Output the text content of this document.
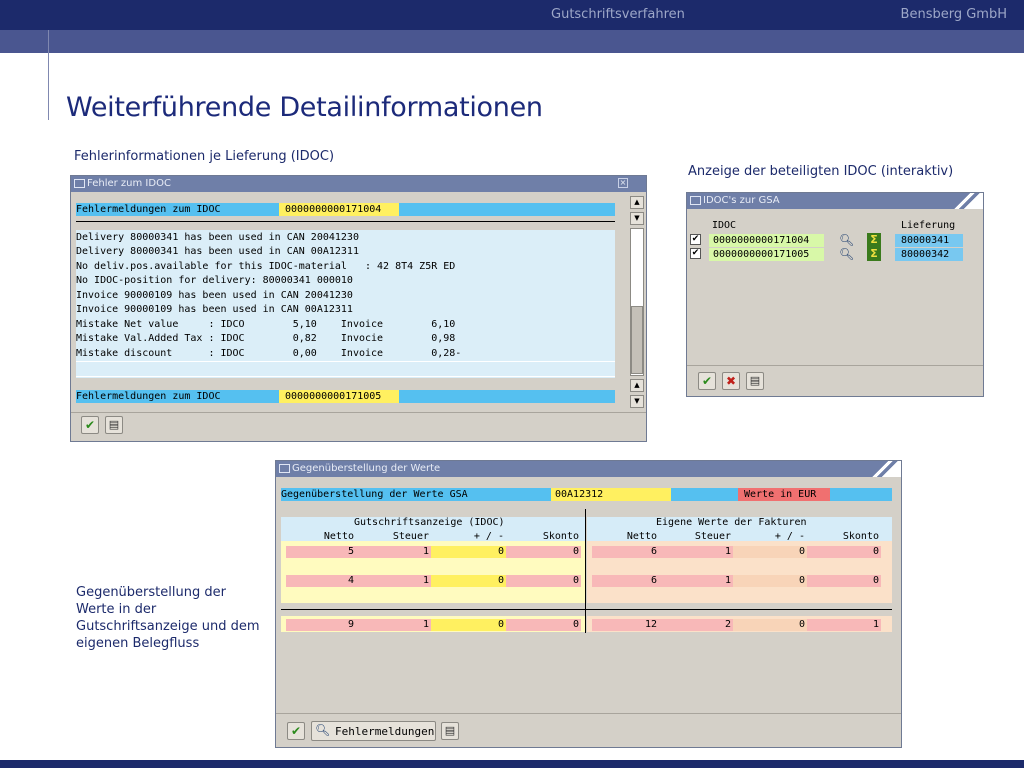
Gutschriftsverfahren	Bensberg GmbH
Weiterführende Detailinformationen
Fehlerinformationen je Lieferung (IDOC)
Anzeige der beteiligten IDOC (interaktiv)
Gegenüberstellung der
Werte in der
Gutschriftsanzeige und dem
eigenen Belegfluss
Fehler zum IDOC	×
Fehlermeldungen zum IDOC	0000000000171004
Delivery 80000341 has been used in CAN 20041230
Delivery 80000341 has been used in CAN 00A12311
No deliv.pos.available for this IDOC-material   : 42 8T4 Z5R ED
No IDOC-position for delivery: 80000341 000010
Invoice 90000109 has been used in CAN 20041230
Invoice 90000109 has been used in CAN 00A12311
Mistake Net value     : IDCO        5,10    Invoice        6,10
Mistake Val.Added Tax : IDOC        0,82    Invocie        0,98
Mistake discount      : IDOC        0,00    Invoice        0,28-
Fehlermeldungen zum IDOC	0000000000171005
▲
▼
▲
▼
✔	▤
IDOC's zur GSA
IDOC	Lieferung
✔	0000000000171004	🔍︎ Σ	80000341
✔	0000000000171005	🔍︎ Σ	80000342
✔	✖	▤
Gegenüberstellung der Werte
Gegenüberstellung der Werte GSA	00A12312	Werte in EUR
Gutschriftsanzeige (IDOC)	Eigene Werte der Fakturen
Netto	Steuer	+ / -	Skonto	Netto	Steuer	+ / -	Skonto
5	1	0	0	6	1	0	0
4	1	0	0	6	1	0	0
9	1	0	0	12	2	0	1
✔	🔍︎ Fehlermeldungen ▤
